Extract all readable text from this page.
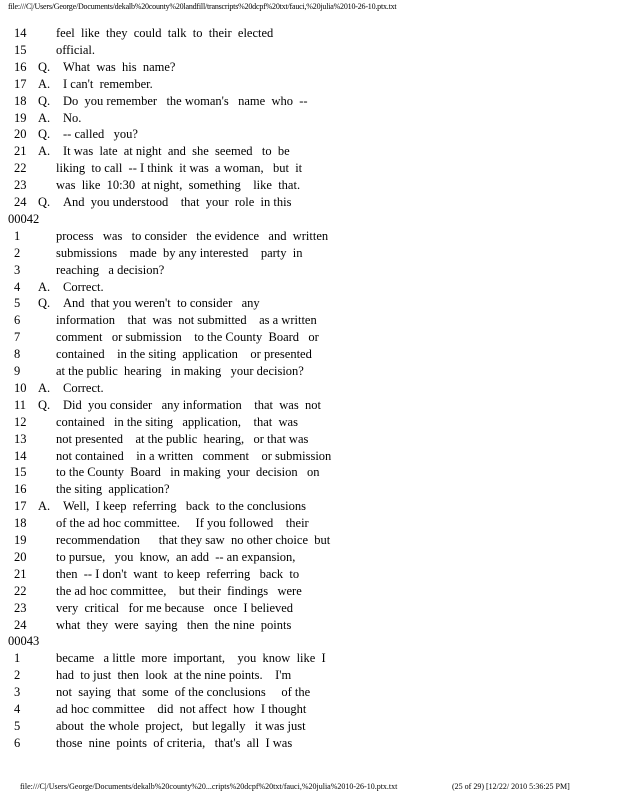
file:///C|/Users/George/Documents/dekalb%20county%20landfill/transcripts%20dcpf%20txt/fauci,%20julia%2010-26-10.ptx.txt
14	feel  like  they  could  talk  to  their  elected
15	official.
16 Q. What  was  his  name?
17 A. I can't  remember.
18 Q. Do  you remember   the woman's   name  who  --
19 A. No.
20 Q. -- called   you?
21 A. It was  late  at night  and  she  seemed   to  be
22	liking  to call  -- I think  it was  a woman,   but  it
23	was  like  10:30  at night,  something    like  that.
24 Q. And  you understood    that  your  role  in this
00042
1	process   was   to consider   the evidence   and  written
2	submissions    made  by any interested    party  in
3	reaching   a decision?
4	A. Correct.
5	Q. And  that you weren't  to consider   any
6	information    that  was  not submitted    as a written
7	comment   or submission    to the County  Board   or
8	contained    in the siting  application    or presented
9	at the public  hearing   in making   your decision?
10 A. Correct.
11 Q. Did  you consider   any information    that  was  not
12	contained   in the siting   application,    that  was
13	not presented    at the public  hearing,   or that was
14	not contained    in a written   comment    or submission
15	to the County  Board   in making  your  decision   on
16	the siting  application?
17 A. Well,  I keep  referring   back  to the conclusions
18	of the ad hoc committee.     If you followed    their
19	recommendation      that they saw  no other choice  but
20	to pursue,   you  know,  an add  -- an expansion,
21	then  -- I don't  want  to keep  referring   back  to
22	the ad hoc committee,    but their  findings   were
23	very  critical   for me because   once  I believed
24	what  they  were  saying   then  the nine  points
00043
1	became   a little  more  important,    you  know  like  I
2	had  to just  then  look  at the nine points.    I'm
3	not  saying  that  some  of the conclusions     of the
4	ad hoc committee    did  not affect  how  I thought
5	about  the whole  project,   but legally   it was just
6	those  nine  points  of criteria,   that's  all  I was
file:///C|/Users/George/Documents/dekalb%20county%20...cripts%20dcpf%20txt/fauci,%20julia%2010-26-10.ptx.txt	(25 of 29) [12/22/ 2010 5:36:25 PM]
